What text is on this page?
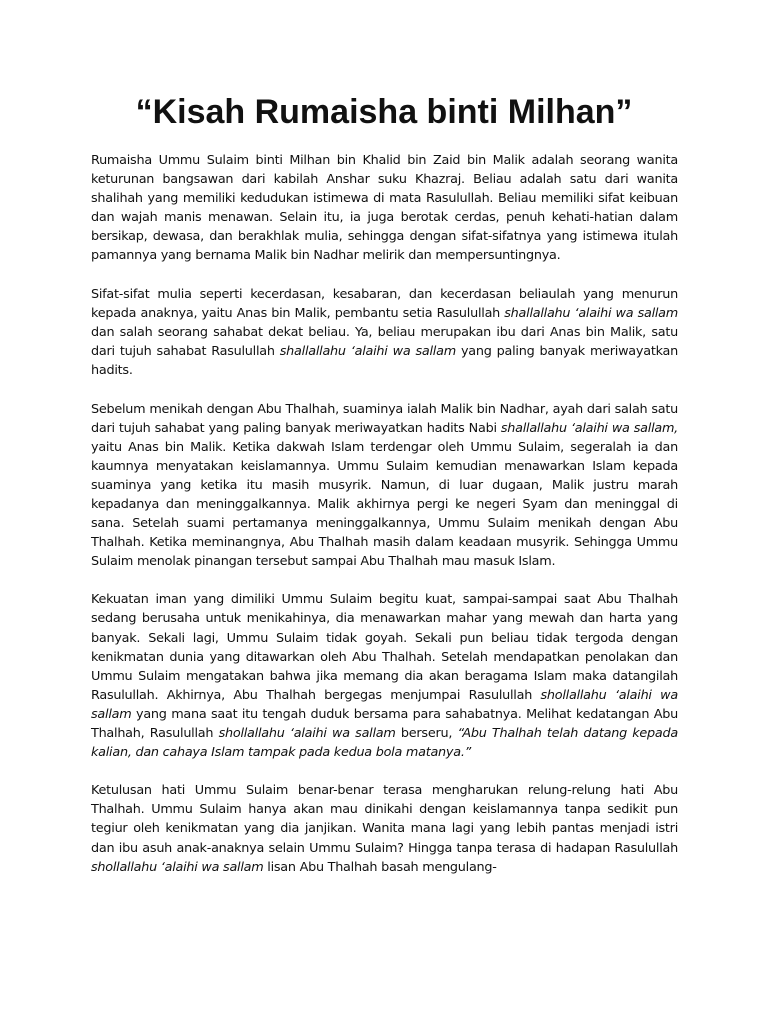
“Kisah Rumaisha binti Milhan”

Rumaisha Ummu Sulaim binti Milhan bin Khalid bin Zaid bin Malik adalah seorang wanita keturunan bangsawan dari kabilah Anshar suku Khazraj. Beliau adalah satu dari wanita shalihah yang memiliki kedudukan istimewa di mata Rasulullah. Beliau memiliki sifat keibuan dan wajah manis menawan. Selain itu, ia juga berotak cerdas, penuh kehati-hatian dalam bersikap, dewasa, dan berakhlak mulia, sehingga dengan sifat-sifatnya yang istimewa itulah pamannya yang bernama Malik bin Nadhar melirik dan mempersuntingnya.

Sifat-sifat mulia seperti kecerdasan, kesabaran, dan kecerdasan beliaulah yang menurun kepada anaknya, yaitu Anas bin Malik, pembantu setia Rasulullah shallallahu ‘alaihi wa sallam dan salah seorang sahabat dekat beliau. Ya, beliau merupakan ibu dari Anas bin Malik, satu dari tujuh sahabat Rasulullah shallallahu ‘alaihi wa sallam yang paling banyak meriwayatkan hadits.

Sebelum menikah dengan Abu Thalhah, suaminya ialah Malik bin Nadhar, ayah dari salah satu dari tujuh sahabat yang paling banyak meriwayatkan hadits Nabi shallallahu ‘alaihi wa sallam, yaitu Anas bin Malik. Ketika dakwah Islam terdengar oleh Ummu Sulaim, segeralah ia dan kaumnya menyatakan keislamannya. Ummu Sulaim kemudian menawarkan Islam kepada suaminya yang ketika itu masih musyrik. Namun, di luar dugaan, Malik justru marah kepadanya dan meninggalkannya. Malik akhirnya pergi ke negeri Syam dan meninggal di sana. Setelah suami pertamanya meninggalkannya, Ummu Sulaim menikah dengan Abu Thalhah. Ketika meminangnya, Abu Thalhah masih dalam keadaan musyrik. Sehingga Ummu Sulaim menolak pinangan tersebut sampai Abu Thalhah mau masuk Islam.

Kekuatan iman yang dimiliki Ummu Sulaim begitu kuat, sampai-sampai saat Abu Thalhah sedang berusaha untuk menikahinya, dia menawarkan mahar yang mewah dan harta yang banyak. Sekali lagi, Ummu Sulaim tidak goyah. Sekali pun beliau tidak tergoda dengan kenikmatan dunia yang ditawarkan oleh Abu Thalhah. Setelah mendapatkan penolakan dan Ummu Sulaim mengatakan bahwa jika memang dia akan beragama Islam maka datangilah Rasulullah. Akhirnya, Abu Thalhah bergegas menjumpai Rasulullah shollallahu ‘alaihi wa sallam yang mana saat itu tengah duduk bersama para sahabatnya. Melihat kedatangan Abu Thalhah, Rasulullah shollallahu ‘alaihi wa sallam berseru, “Abu Thalhah telah datang kepada kalian, dan cahaya Islam tampak pada kedua bola matanya.”

Ketulusan hati Ummu Sulaim benar-benar terasa mengharukan relung-relung hati Abu Thalhah. Ummu Sulaim hanya akan mau dinikahi dengan keislamannya tanpa sedikit pun tegiur oleh kenikmatan yang dia janjikan. Wanita mana lagi yang lebih pantas menjadi istri dan ibu asuh anak-anaknya selain Ummu Sulaim? Hingga tanpa terasa di hadapan Rasulullah shollallahu ‘alaihi wa sallam lisan Abu Thalhah basah mengulang-
